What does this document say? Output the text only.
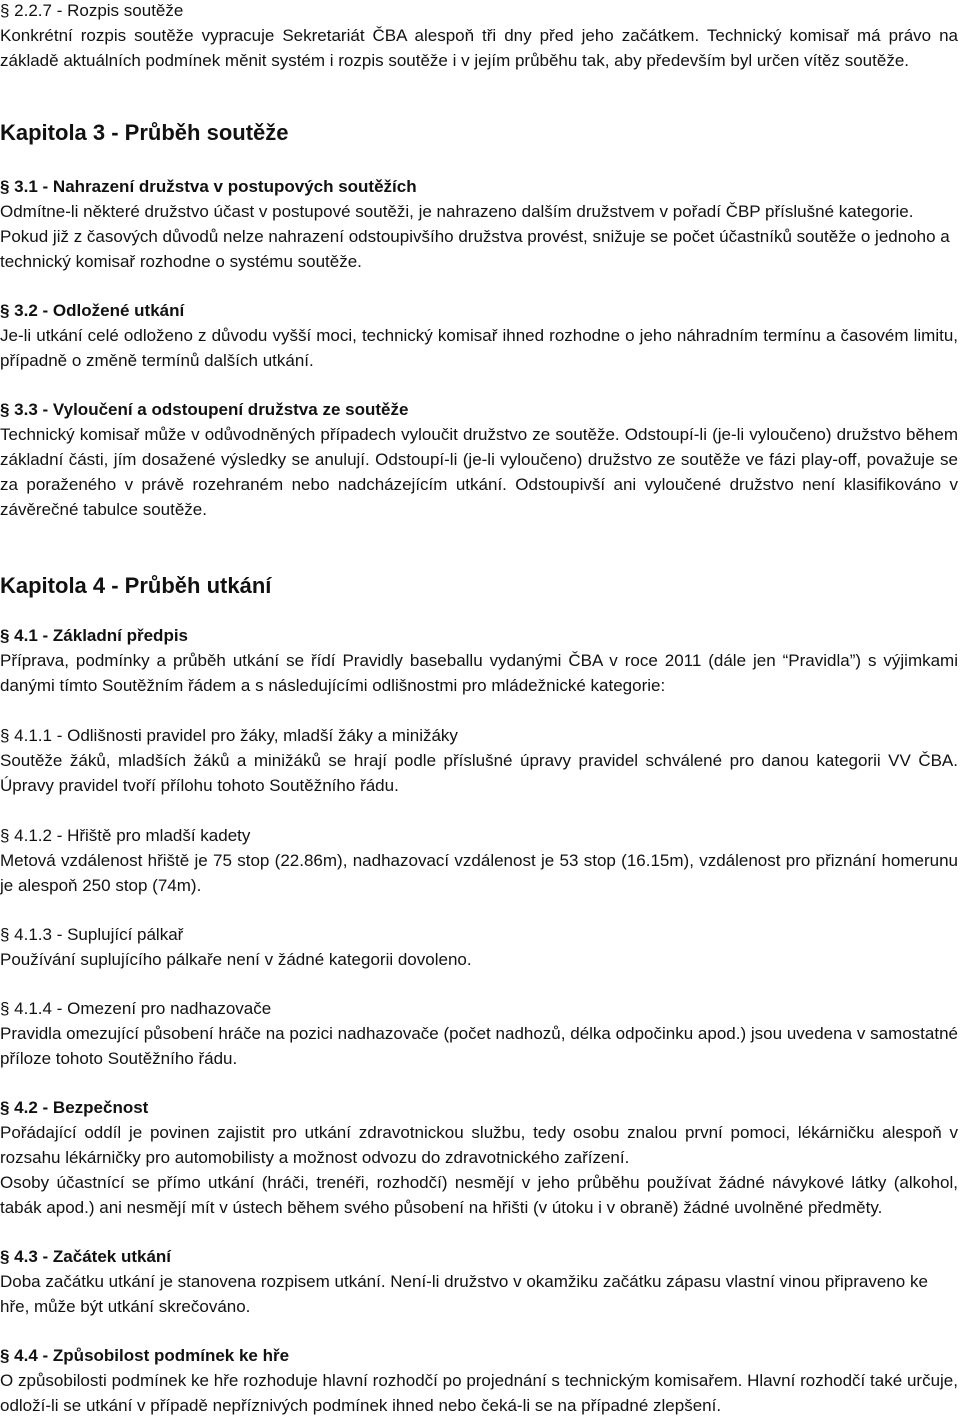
§ 2.2.7 - Rozpis soutěže

Konkrétní rozpis soutěže vypracuje Sekretariát ČBA alespoň tři dny před jeho začátkem. Technický komisař má právo na základě aktuálních podmínek měnit systém i rozpis soutěže i v jejím průběhu tak, aby především byl určen vítěz soutěže.

Kapitola 3 - Průběh soutěže

§ 3.1 - Nahrazení družstva v postupových soutěžích

Odmítne-li některé družstvo účast v postupové soutěži, je nahrazeno dalším družstvem v pořadí ČBP příslušné kategorie.

Pokud již z časových důvodů nelze nahrazení odstoupivšího družstva provést, snižuje se počet účastníků soutěže o jednoho a technický komisař rozhodne o systému soutěže.

§ 3.2 - Odložené utkání

Je-li utkání celé odloženo z důvodu vyšší moci, technický komisař ihned rozhodne o jeho náhradním termínu a časovém limitu, případně o změně termínů dalších utkání.

§ 3.3 - Vyloučení a odstoupení družstva ze soutěže

Technický komisař může v odůvodněných případech vyloučit družstvo ze soutěže. Odstoupí-li (je-li vyloučeno) družstvo během základní části, jím dosažené výsledky se anulují. Odstoupí-li (je-li vyloučeno) družstvo ze soutěže ve fázi play-off, považuje se za poraženého v právě rozehraném nebo nadcházejícím utkání. Odstoupivší ani vyloučené družstvo není klasifikováno v závěrečné tabulce soutěže.

Kapitola 4 - Průběh utkání

§ 4.1 - Základní předpis

Příprava, podmínky a průběh utkání se řídí Pravidly baseballu vydanými ČBA v roce 2011 (dále jen “Pravidla”) s výjimkami danými tímto Soutěžním řádem a s následujícími odlišnostmi pro mládežnické kategorie:

§ 4.1.1 - Odlišnosti pravidel pro žáky, mladší žáky a minižáky

Soutěže žáků, mladších žáků a minižáků se hrají podle příslušné úpravy pravidel schválené pro danou kategorii VV ČBA. Úpravy pravidel tvoří přílohu tohoto Soutěžního řádu.

§ 4.1.2 - Hřiště pro mladší kadety

Metová vzdálenost hřiště je 75 stop (22.86m), nadhazovací vzdálenost je 53 stop (16.15m), vzdálenost pro přiznání homerunu je alespoň 250 stop (74m).

§ 4.1.3 - Suplující pálkař

Používání suplujícího pálkaře není v žádné kategorii dovoleno.

§ 4.1.4 - Omezení pro nadhazovače

Pravidla omezující působení hráče na pozici nadhazovače (počet nadhozů, délka odpočinku apod.) jsou uvedena v samostatné příloze tohoto Soutěžního řádu.

§ 4.2 - Bezpečnost

Pořádající oddíl je povinen zajistit pro utkání zdravotnickou službu, tedy osobu znalou první pomoci, lékárničku alespoň v rozsahu lékárničky pro automobilisty a možnost odvozu do zdravotnického zařízení.

Osoby účastnící se přímo utkání (hráči, trenéři, rozhodčí) nesmějí v jeho průběhu používat žádné návykové látky (alkohol, tabák apod.) ani nesmějí mít v ústech během svého působení na hřišti (v útoku i v obraně) žádné uvolněné předměty.

§ 4.3 - Začátek utkání

Doba začátku utkání je stanovena rozpisem utkání. Není-li družstvo v okamžiku začátku zápasu vlastní vinou připraveno ke hře, může být utkání skrečováno.

§ 4.4 - Způsobilost podmínek ke hře

O způsobilosti podmínek ke hře rozhoduje hlavní rozhodčí po projednání s technickým komisařem. Hlavní rozhodčí také určuje, odloží-li se utkání v případě nepříznivých podmínek ihned nebo čeká-li se na případné zlepšení.
